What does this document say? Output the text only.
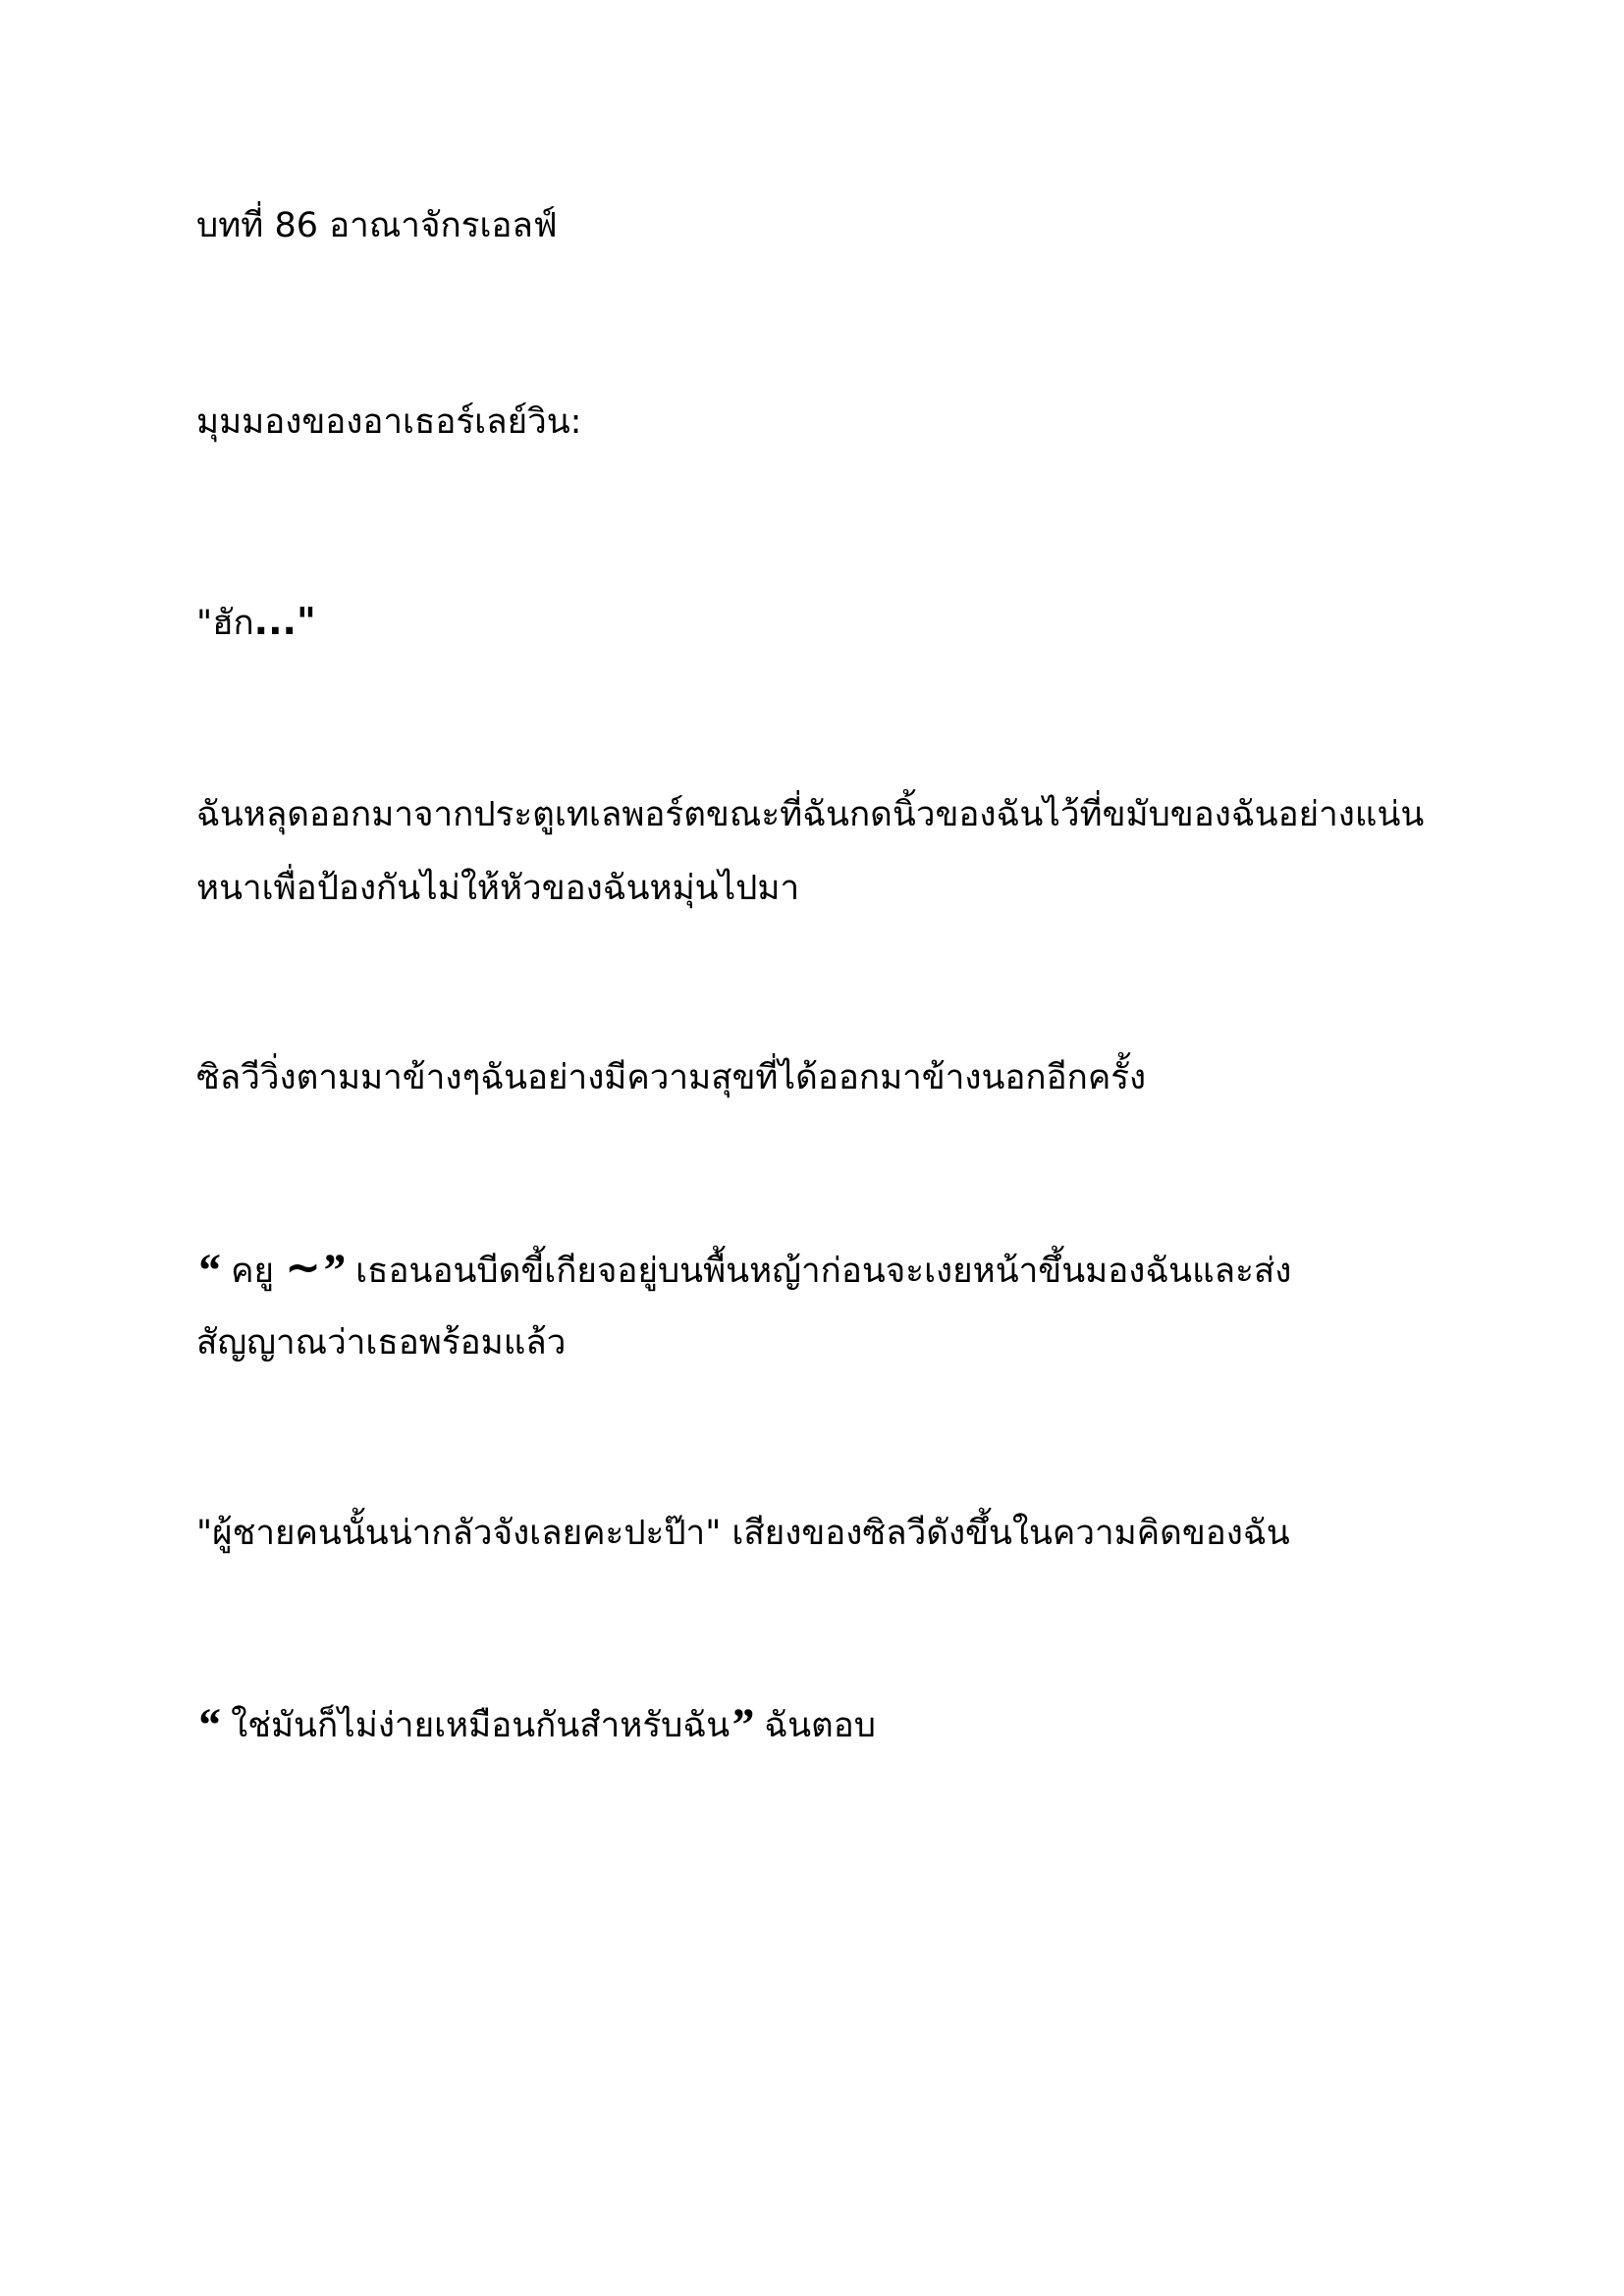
บทที่ 86 อาณาจักรเอลฟ์

มุมมองของอาเธอร์เลย์วิน:

"ฮัก..."

ฉันหลุดออกมาจากประตูเทเลพอร์ตขณะที่ฉันกดนิ้วของฉันไว้ที่ขมับของฉันอย่างแน่น

หนาเพื่อป้องกันไม่ให้หัวของฉันหมุ่นไปมา

ซิลวีวิ่งตามมาข้างๆฉันอย่างมีความสุขที่ได้ออกมาข้างนอกอีกครั้ง

“ คยู ~” เธอนอนบีดขี้เกียจอยู่บนพื้นหญ้าก่อนจะเงยหน้าขึ้นมองฉันและส่ง

สัญญาณว่าเธอพร้อมแล้ว

"ผู้ชายคนนั้นน่ากลัวจังเลยคะปะป๊า" เสียงของซิลวีดังขึ้นในความคิดของฉัน

“ ใช่มันก็ไม่ง่ายเหมือนกันสำหรับฉัน” ฉันตอบ
